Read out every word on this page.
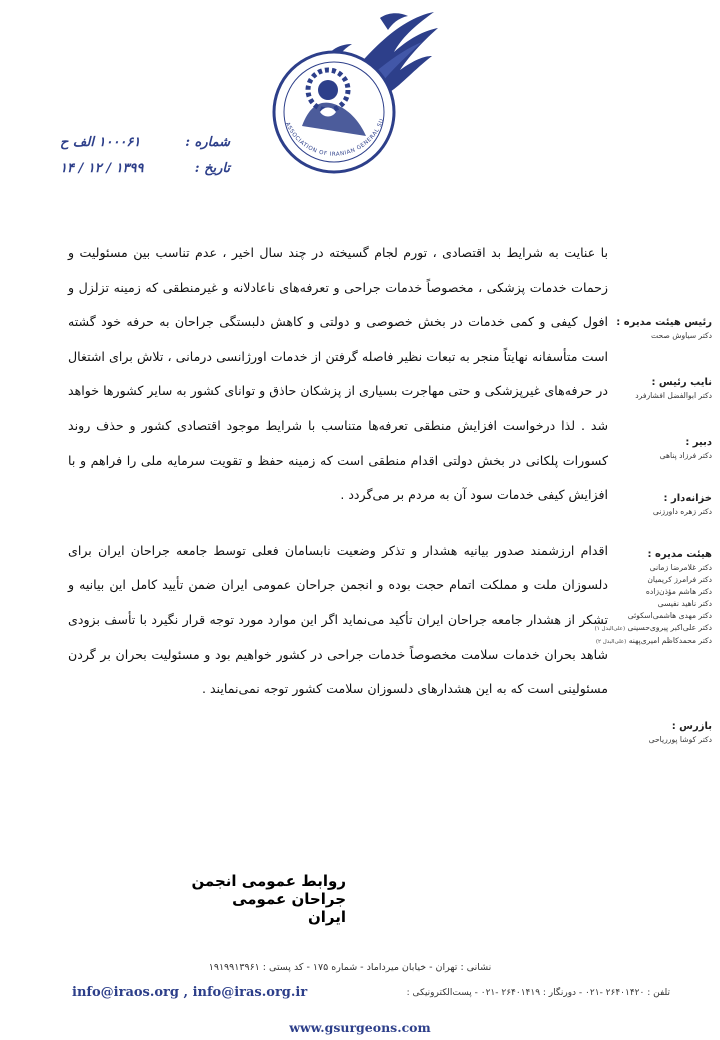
ASSOCIATION OF IRANIAN GENERAL SU
شماره :
۱۰۰۰۶۱ الف ح
تاریخ :
۱۳۹۹ / ۱۲ / ۱۴

با عنایت به شرایط بد اقتصادی ، تورم لجام گسیخته در چند سال اخیر ، عدم تناسب بین مسئولیت و زحمات خدمات پزشکی ، مخصوصاً خدمات جراحی و تعرفه‌های ناعادلانه و غیرمنطقی که زمینه تزلزل و افول کیفی و کمی خدمات در بخش خصوصی و دولتی و کاهش دلبستگی جراحان به حرفه خود گشته است متأسفانه نهایتاً منجر به تبعات نظیر فاصله گرفتن از خدمات اورژانسی درمانی ، تلاش برای اشتغال در حرفه‌های غیرپزشکی و حتی مهاجرت بسیاری از پزشکان حاذق و توانای کشور به سایر کشورها خواهد شد . لذا درخواست افزایش منطقی تعرفه‌ها متناسب با شرایط موجود اقتصادی کشور و حذف روند کسورات پلکانی در بخش دولتی اقدام منطقی است که زمینه حفظ و تقویت سرمایه ملی را فراهم و با افزایش کیفی خدمات سود آن به مردم بر می‌گردد .

اقدام ارزشمند صدور بیانیه هشدار و تذکر وضعیت نابسامان فعلی توسط جامعه جراحان ایران برای دلسوزان ملت و مملکت اتمام حجت بوده و انجمن جراحان عمومی ایران ضمن تأیید کامل این بیانیه و تشکر از هشدار جامعه جراحان ایران تأکید می‌نماید اگر این موارد مورد توجه قرار نگیرد با تأسف بزودی شاهد بحران خدمات سلامت مخصوصاً خدمات جراحی در کشور خواهیم بود و مسئولیت بحران بر گردن مسئولینی است که به این هشدارهای دلسوزان سلامت کشور توجه نمی‌نمایند .

رئیس هیئت مدیره :
دکتر سیاوش صحت
نایب رئیس :
دکتر ابوالفضل افشارفرد
دبیر :
دکتر فرزاد پناهی
خزانه‌دار :
دکتر زهره داورزنی
هیئت مدیره :
دکتر غلامرضا زمانی
دکتر فرامرز کریمیان
دکتر هاشم مؤذن‌زاده
دکتر ناهید نفیسی
دکتر مهدی هاشمی‌اسکوئی
دکتر علی‌اکبر پیروی‌حسینی (علی‌البدل ۱)
دکتر محمدکاظم امیری‌پهنه (علی‌البدل ۲)
بازرس :
دکتر کوشا پورریاحی
روابط عمومی انجمن جراحان عمومی ایران
نشانی : تهران - خیابان میرداماد - شماره ۱۷۵ - کد پستی : ۱۹۱۹۹۱۳۹۶۱
تلفن : ۲۶۴۰۱۴۲۰ -۰۲۱ - دورنگار : ۲۶۴۰۱۴۱۹ -۰۲۱ - پست‌الکترونیکی :
info@iraos.org , info@iras.org.ir
www.gsurgeons.com
